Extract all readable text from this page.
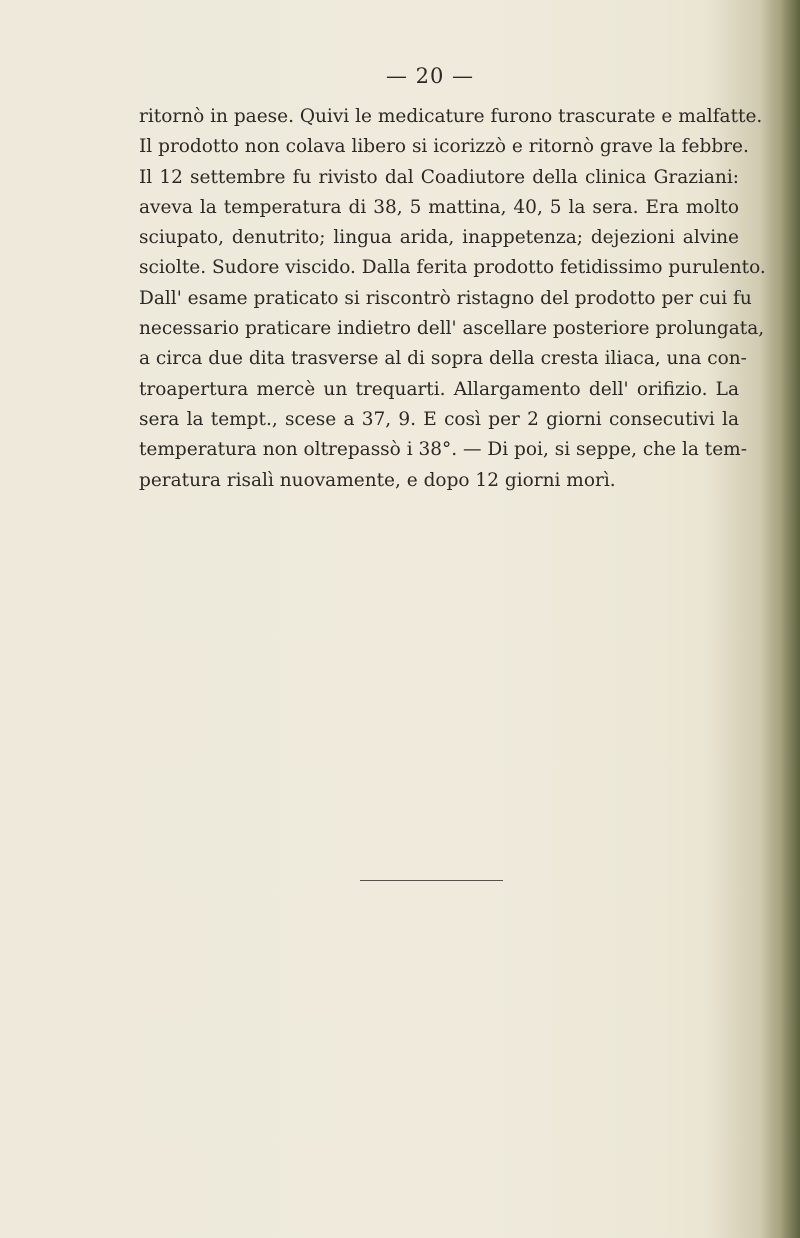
— 20 —
ritornò in paese. Quivi le medicature furono trascurate e malfatte.
Il prodotto non colava libero si icorizzò e ritornò grave la febbre.
Il 12 settembre fu rivisto dal Coadiutore della clinica Graziani:
aveva la temperatura di 38, 5 mattina, 40, 5 la sera. Era molto
sciupato, denutrito; lingua arida, inappetenza; dejezioni alvine
sciolte. Sudore viscido. Dalla ferita prodotto fetidissimo purulento.
Dall' esame praticato si riscontrò ristagno del prodotto per cui fu
necessario praticare indietro dell' ascellare posteriore prolungata,
a circa due dita trasverse al di sopra della cresta iliaca, una con-
troapertura mercè un trequarti. Allargamento dell' orifizio. La
sera la tempt., scese a 37, 9. E così per 2 giorni consecutivi la
temperatura non oltrepassò i 38°. — Di poi, si seppe, che la tem-
peratura risalì nuovamente, e dopo 12 giorni morì.
